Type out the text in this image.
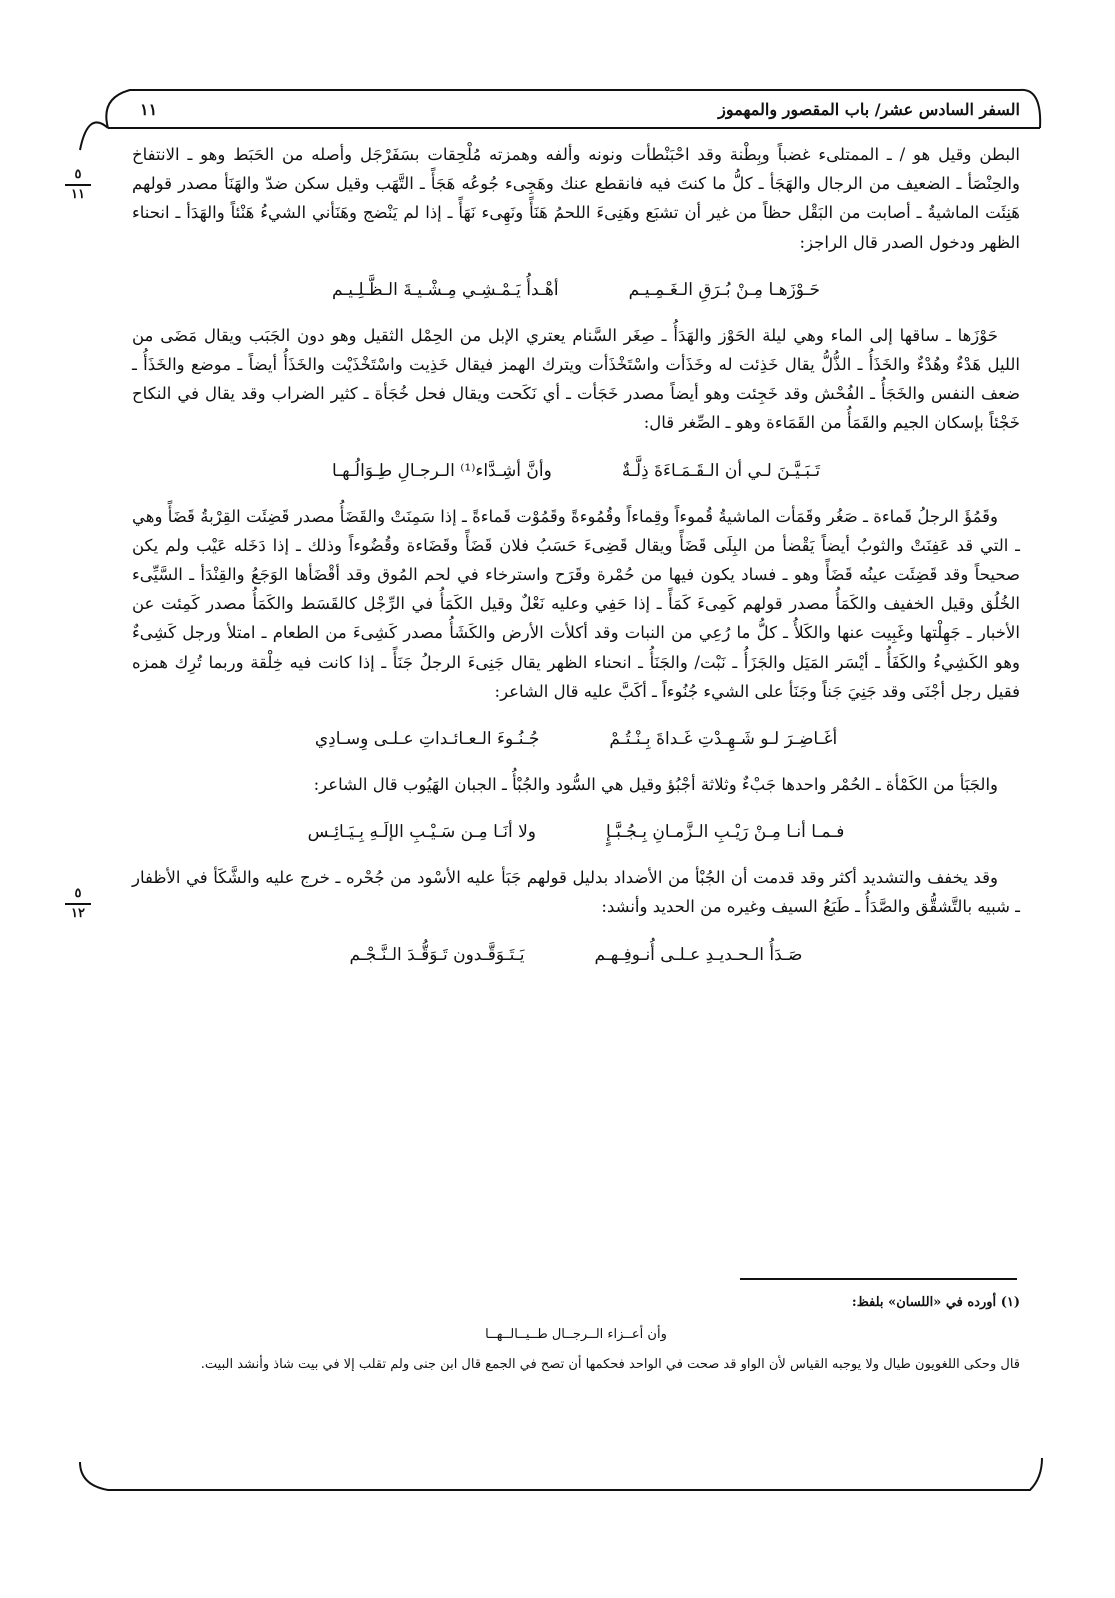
السفر السادس عشر/ باب المقصور والمهموز
١١
٥
١١
٥
١٢

البطن وقيل هو / ـ الممتلىء غضباً وبِطْنة وقد احْبَنْطأت ونونه وألفه وهمزته مُلْحِقات بسَفَرْجَل وأصله من الحَبَط وهو ـ الانتفاخ والحِنْصَأ ـ الضعيف من الرجال والهَجَأ ـ كلُّ ما كنتَ فيه فانقطع عنك وهَجِىء جُوعُه هَجَأً ـ التَّهَب وقيل سكن ضدّ والهَنَأ مصدر قولهم هَنِئَت الماشيةُ ـ أصابت من البَقْل حظاً من غير أن تشبَع وهَنِىءَ اللحمُ هَنَأً ونَهِىء نَهَأً ـ إذا لم يَنْضج وهَنَأني الشيءُ هَنْئاً والهَدَأ ـ انحناء الظهر ودخول الصدر قال الراجز:

حَـوْزَهـا مِـنْ بُـرَقِ الـغَـمِـيـم
أهْـدأُ يَـمْـشِـي مِـشْـيـةَ الـظَّـلِـيـم

حَوْزَها ـ ساقها إلى الماء وهي ليلة الحَوْز والهَدَأُ ـ صِغَر السَّنام يعتري الإبل من الحِمْل الثقيل وهو دون الجَبَب ويقال مَضَى من الليل هَدْءٌ وهُدْءٌ والخَذَأُ ـ الذُّلُّ يقال خَذِئت له وخَذَأت واسْتَخْذَأت ويترك الهمز فيقال خَذِيت واسْتَخْذَيْت والخَذَأُ أيضاً ـ موضع والخَذَأُ ـ ضعف النفس والخَجَأُ ـ الفُحْش وقد خَجِئت وهو أيضاً مصدر خَجَأت ـ أي نَكَحت ويقال فحل خُجَأة ـ كثير الضراب وقد يقال في النكاح خَجْئاً بإسكان الجيم والقَمَأُ من القَمَاءة وهو ـ الصِّغر قال:

تَـبَـيَّـنَ لـي أن الـقَـمَـاءَةَ ذِلَّـةٌ
وأنَّ أشِـدَّاء⁽¹⁾ الـرجـالِ طِـوَالُـهـا

وقَمُؤَ الرجلُ قَماءة ـ صَغُر وقَمَأت الماشيةُ قُموءاً وقِماءاً وقُمُوءةً وقَمُوْت قَماءةً ـ إذا سَمِنَتْ والقَضَأُ مصدر قَضِئَت القِرْبةُ قَضَأً وهي ـ التي قد عَفِنَتْ والثوبُ أيضاً يَقْضأ من البِلَى قَضَأً ويقال قَضِىءَ حَسَبُ فلان قَضَأً وقَضَاءة وقُضُوءاً وذلك ـ إذا دَخَله عَيْب ولم يكن صحيحاً وقد قَضِئَت عينُه قَضَأً وهو ـ فساد يكون فيها من حُمْرة وقَرَح واسترخاء في لحم المُوق وقد أقْضَأها الوَجَعُ والقِنْدَأ ـ السَّيِّىء الخُلُق وقيل الخفيف والكَمَأُ مصدر قولهم كَمِىءَ كَمَأً ـ إذا حَفِي وعليه نَعْلٌ وقيل الكَمَأُ في الرِّجْل كالقَسَط والكَمَأُ مصدر كَمِئت عن الأخبار ـ جَهِلْتها وغَبِيت عنها والكَلأُ ـ كلُّ ما رُعِي من النبات وقد أكلأت الأرض والكَشَأُ مصدر كَشِىءَ من الطعام ـ امتلأ ورجل كَشِىءٌ وهو الكَشِيءُ والكَفَأُ ـ أيْسَر المَيَل والجَزَأُ ـ نَبْت/ والجَنَأُ ـ انحناء الظهر يقال جَنِىءَ الرجلُ جَنَأً ـ إذا كانت فيه خِلْقة وربما تُرِك همزه فقيل رجل أجْنَى وقد جَنِيَ جَناً وجَنَأ على الشيء جُنُوءاً ـ أكَبَّ عليه قال الشاعر:

أغَـاضِـرَ لـو شَـهِـدْتِ غَـداةَ بِـنْـتُـمْ
جُـنُـوءَ الـعـائـداتِ عـلـى وِسـادِي

والجَبَأ من الكَمْأة ـ الحُمْر واحدها جَبْءٌ وثلاثة أجْبُؤ وقيل هي السُّود والجُبْأُ ـ الجبان الهَيُوب قال الشاعر:

فـمـا أنـا مِـنْ رَيْـبِ الـزَّمـانِ بِـجُـبَّـإٍ
ولا أنَـا مِـن سَـيْـبِ الإلَـهِ بِـيَـائِـس

وقد يخفف والتشديد أكثر وقد قدمت أن الجُبْأ من الأضداد بدليل قولهم جَبَأ عليه الأسْود من جُحْره ـ خرج عليه والشَّكَأ في الأظفار ـ شبيه بالتَّشقُّق والصَّدَأُ ـ طَبَعُ السيف وغيره من الحديد وأنشد:

صَـدَأُ الـحـديـدِ عـلـى أُنـوفِـهـم
يَـتَـوَقَّـدون تَـوَقُّـدَ الـنَّـجْـم

(١) أورده في «اللسان» بلفظ:

وأن أعــزاء الــرجــال طــيــالــهــا

قال وحكى اللغويون طيال ولا يوجبه القياس لأن الواو قد صحت في الواحد فحكمها أن تصح في الجمع قال ابن جنى ولم تقلب إلا في بيت شاذ وأنشد البيت.
